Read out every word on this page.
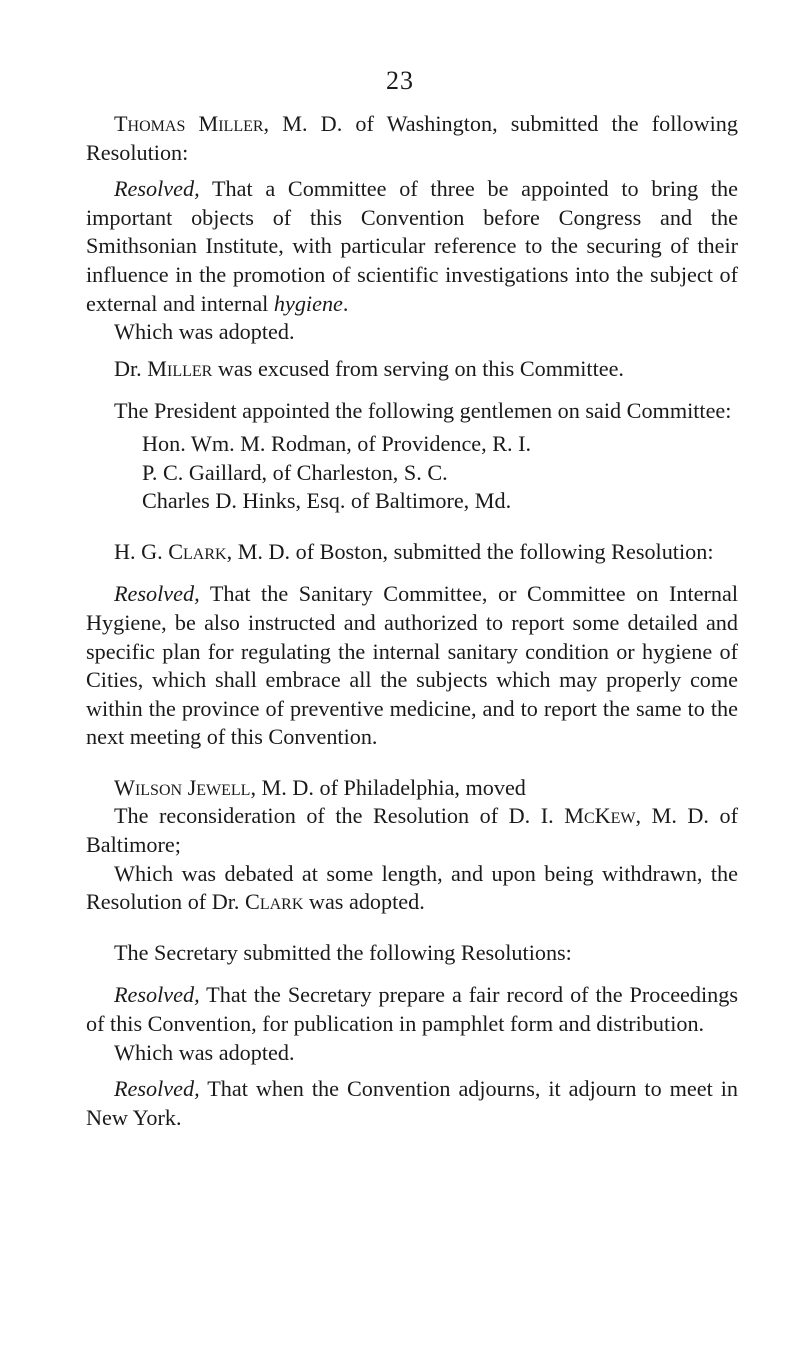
23

Thomas Miller, M. D. of Washington, submitted the following Resolution:

Resolved, That a Committee of three be appointed to bring the important objects of this Convention before Congress and the Smithsonian Institute, with particular reference to the securing of their influence in the promotion of scientific investigations into the subject of external and internal hygiene.

Which was adopted.

Dr. Miller was excused from serving on this Committee.

The President appointed the following gentlemen on said Committee:

Hon. Wm. M. Rodman, of Providence, R. I.
P. C. Gaillard, of Charleston, S. C.
Charles D. Hinks, Esq. of Baltimore, Md.

H. G. Clark, M. D. of Boston, submitted the following Resolution:

Resolved, That the Sanitary Committee, or Committee on Internal Hygiene, be also instructed and authorized to report some detailed and specific plan for regulating the internal sanitary condition or hygiene of Cities, which shall embrace all the subjects which may properly come within the province of preventive medicine, and to report the same to the next meeting of this Convention.

Wilson Jewell, M. D. of Philadelphia, moved

The reconsideration of the Resolution of D. I. McKew, M. D. of Baltimore;

Which was debated at some length, and upon being withdrawn, the Resolution of Dr. Clark was adopted.

The Secretary submitted the following Resolutions:

Resolved, That the Secretary prepare a fair record of the Proceedings of this Convention, for publication in pamphlet form and distribution.

Which was adopted.

Resolved, That when the Convention adjourns, it adjourn to meet in New York.
